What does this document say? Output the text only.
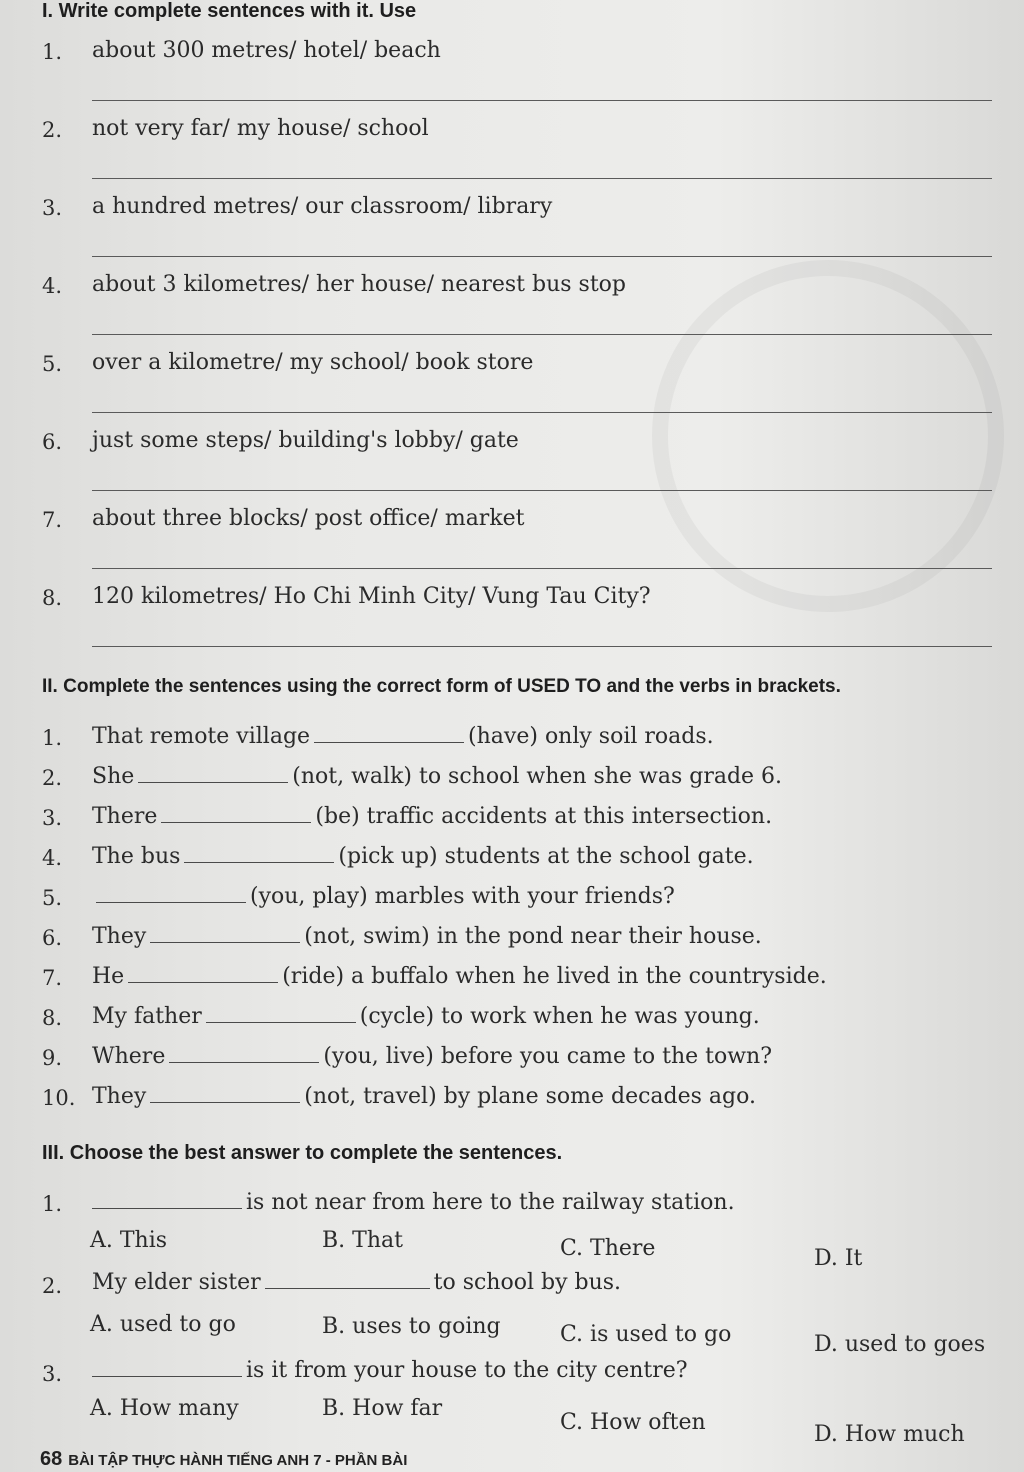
I. Write complete sentences with it. Use
1. about 300 metres/ hotel/ beach
2. not very far/ my house/ school
3. a hundred metres/ our classroom/ library
4. about 3 kilometres/ her house/ nearest bus stop
5. over a kilometre/ my school/ book store
6. just some steps/ building's lobby/ gate
7. about three blocks/ post office/ market
8. 120 kilometres/ Ho Chi Minh City/ Vung Tau City?
II. Complete the sentences using the correct form of USED TO and the verbs in brackets.
1. That remote village	(have) only soil roads.
2. She	(not, walk) to school when she was grade 6.
3. There	(be) traffic accidents at this intersection.
4. The bus	(pick up) students at the school gate.
5.	(you, play) marbles with your friends?
6. They	(not, swim) in the pond near their house.
7. He	(ride) a buffalo when he lived in the countryside.
8. My father	(cycle) to work when he was young.
9. Where	(you, live) before you came to the town?
10. They	(not, travel) by plane some decades ago.
III. Choose the best answer to complete the sentences.
1.	is not near from here to the railway station.
A. This	B. That	C. There	D. It
2. My elder sister	to school by bus.
A. used to go	B. uses to going	C. is used to go	D. used to goes
3.	is it from your house to the city centre?
A. How many	B. How far
C. How often	D. How much
68 BÀI TẬP THỰC HÀNH TIẾNG ANH 7 - PHẦN BÀI
